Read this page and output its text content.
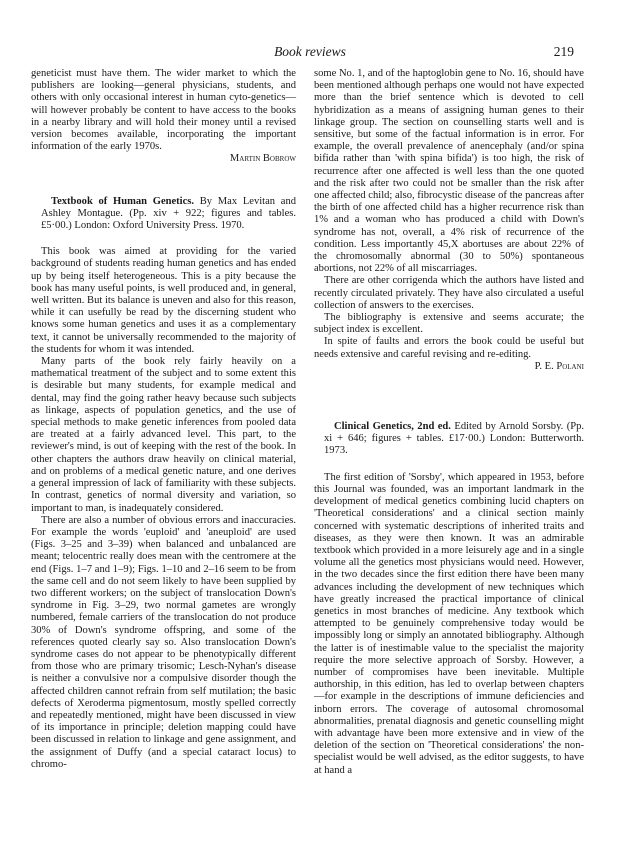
Book reviews	219

geneticist must have them. The wider market to which the publishers are looking—general physicians, students, and others with only occasional interest in human cyto-genetics—will however probably be content to have access to the books in a nearby library and will hold their money until a revised version becomes available, incorporating the important information of the early 1970s.

Martin Bobrow

Textbook of Human Genetics. By Max Levitan and Ashley Montague. (Pp. xiv + 922; figures and tables. £5·00.) London: Oxford University Press. 1970.

This book was aimed at providing for the varied background of students reading human genetics and has ended up by being itself heterogeneous. This is a pity because the book has many useful points, is well produced and, in general, well written. But its balance is uneven and also for this reason, while it can usefully be read by the discerning student who knows some human genetics and uses it as a complementary text, it cannot be universally recommended to the majority of the students for whom it was intended.

Many parts of the book rely fairly heavily on a mathematical treatment of the subject and to some extent this is desirable but many students, for example medical and dental, may find the going rather heavy because such subjects as linkage, aspects of population genetics, and the use of special methods to make genetic inferences from pooled data are treated at a fairly advanced level. This part, to the reviewer's mind, is out of keeping with the rest of the book. In other chapters the authors draw heavily on clinical material, and on problems of a medical genetic nature, and one derives a general impression of lack of familiarity with these subjects. In contrast, genetics of normal diversity and variation, so important to man, is inadequately considered.

There are also a number of obvious errors and inaccuracies. For example the words 'euploid' and 'aneuploid' are used (Figs. 3–25 and 3–39) when balanced and unbalanced are meant; telocentric really does mean with the centromere at the end (Figs. 1–7 and 1–9); Figs. 1–10 and 2–16 seem to be from the same cell and do not seem likely to have been supplied by two different workers; on the subject of translocation Down's syndrome in Fig. 3–29, two normal gametes are wrongly numbered, female carriers of the translocation do not produce 30% of Down's syndrome offspring, and some of the references quoted clearly say so. Also translocation Down's syndrome cases do not appear to be phenotypically different from those who are primary trisomic; Lesch-Nyhan's disease is neither a convulsive nor a compulsive disorder though the affected children cannot refrain from self mutilation; the basic defects of Xeroderma pigmentosum, mostly spelled correctly and repeatedly mentioned, might have been discussed in view of its importance in principle; deletion mapping could have been discussed in relation to linkage and gene assignment, and the assignment of Duffy (and a special cataract locus) to chromo-

some No. 1, and of the haptoglobin gene to No. 16, should have been mentioned although perhaps one would not have expected more than the brief sentence which is devoted to cell hybridization as a means of assigning human genes to their linkage group. The section on counselling starts well and is sensitive, but some of the factual information is in error. For example, the overall prevalence of anencephaly (and/or spina bifida rather than 'with spina bifida') is too high, the risk of recurrence after one affected is well less than the one quoted and the risk after two could not be smaller than the risk after one affected child; also, fibrocystic disease of the pancreas after the birth of one affected child has a higher recurrence risk than 1% and a woman who has produced a child with Down's syndrome has not, overall, a 4% risk of recurrence of the condition. Less importantly 45,X abortuses are about 22% of the chromosomally abnormal (30 to 50%) spontaneous abortions, not 22% of all miscarriages.

There are other corrigenda which the authors have listed and recently circulated privately. They have also circulated a useful collection of answers to the exercises.

The bibliography is extensive and seems accurate; the subject index is excellent.

In spite of faults and errors the book could be useful but needs extensive and careful revising and re-editing.

P. E. Polani

Clinical Genetics, 2nd ed. Edited by Arnold Sorsby. (Pp. xi + 646; figures + tables. £17·00.) London: Butterworth. 1973.

The first edition of 'Sorsby', which appeared in 1953, before this Journal was founded, was an important landmark in the development of medical genetics combining lucid chapters on 'Theoretical considerations' and a clinical section mainly concerned with systematic descriptions of inherited traits and diseases, as they were then known. It was an admirable textbook which provided in a more leisurely age and in a single volume all the genetics most physicians would need. However, in the two decades since the first edition there have been many advances including the development of new techniques which have greatly increased the practical importance of clinical genetics in most branches of medicine. Any textbook which attempted to be genuinely comprehensive today would be impossibly long or simply an annotated bibliography. Although the latter is of inestimable value to the specialist the majority require the more selective approach of Sorsby. However, a number of compromises have been inevitable. Multiple authorship, in this edition, has led to overlap between chapters—for example in the descriptions of immune deficiencies and inborn errors. The coverage of autosomal chromosomal abnormalities, prenatal diagnosis and genetic counselling might with advantage have been more extensive and in view of the deletion of the section on 'Theoretical considerations' the non-specialist would be well advised, as the editor suggests, to have at hand a
